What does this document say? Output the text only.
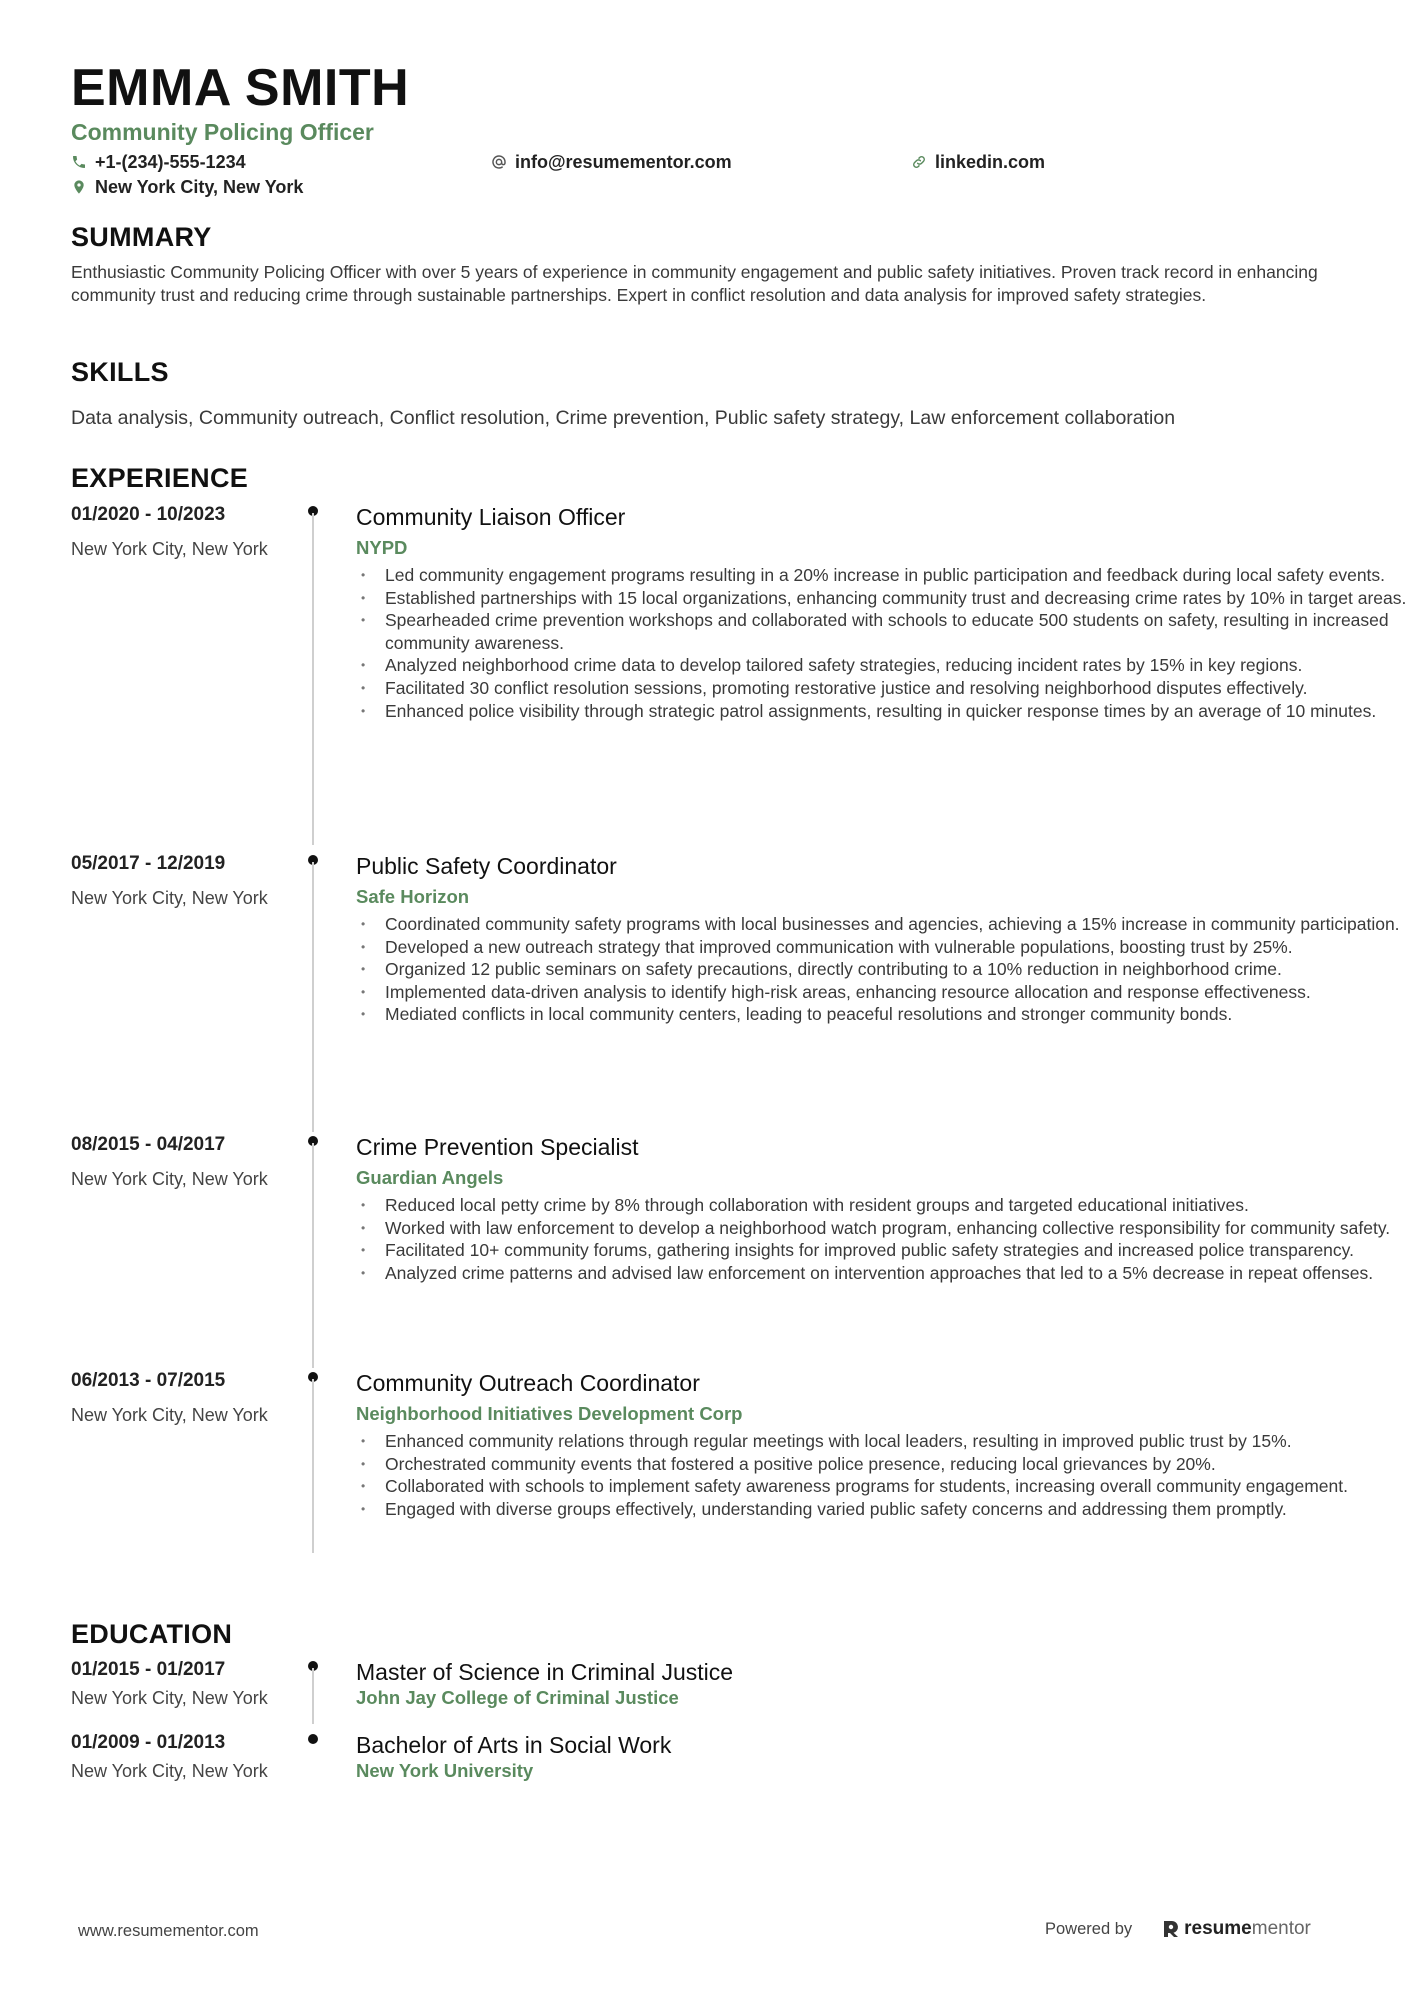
EMMA SMITH
Community Policing Officer
+1-(234)-555-1234	info@resumementor.com	linkedin.com
New York City, New York
SUMMARY
Enthusiastic Community Policing Officer with over 5 years of experience in community engagement and public safety initiatives. Proven track record in enhancing community trust and reducing crime through sustainable partnerships. Expert in conflict resolution and data analysis for improved safety strategies.
SKILLS
Data analysis, Community outreach, Conflict resolution, Crime prevention, Public safety strategy, Law enforcement collaboration
EXPERIENCE
01/2020 - 10/2023
New York City, New York
Community Liaison Officer
NYPD
• Led community engagement programs resulting in a 20% increase in public participation and feedback during local safety events.
• Established partnerships with 15 local organizations, enhancing community trust and decreasing crime rates by 10% in target areas.
• Spearheaded crime prevention workshops and collaborated with schools to educate 500 students on safety, resulting in increased community awareness.
• Analyzed neighborhood crime data to develop tailored safety strategies, reducing incident rates by 15% in key regions.
• Facilitated 30 conflict resolution sessions, promoting restorative justice and resolving neighborhood disputes effectively.
• Enhanced police visibility through strategic patrol assignments, resulting in quicker response times by an average of 10 minutes.
05/2017 - 12/2019
New York City, New York
Public Safety Coordinator
Safe Horizon
• Coordinated community safety programs with local businesses and agencies, achieving a 15% increase in community participation.
• Developed a new outreach strategy that improved communication with vulnerable populations, boosting trust by 25%.
• Organized 12 public seminars on safety precautions, directly contributing to a 10% reduction in neighborhood crime.
• Implemented data-driven analysis to identify high-risk areas, enhancing resource allocation and response effectiveness.
• Mediated conflicts in local community centers, leading to peaceful resolutions and stronger community bonds.
08/2015 - 04/2017
New York City, New York
Crime Prevention Specialist
Guardian Angels
• Reduced local petty crime by 8% through collaboration with resident groups and targeted educational initiatives.
• Worked with law enforcement to develop a neighborhood watch program, enhancing collective responsibility for community safety.
• Facilitated 10+ community forums, gathering insights for improved public safety strategies and increased police transparency.
• Analyzed crime patterns and advised law enforcement on intervention approaches that led to a 5% decrease in repeat offenses.
06/2013 - 07/2015
New York City, New York
Community Outreach Coordinator
Neighborhood Initiatives Development Corp
• Enhanced community relations through regular meetings with local leaders, resulting in improved public trust by 15%.
• Orchestrated community events that fostered a positive police presence, reducing local grievances by 20%.
• Collaborated with schools to implement safety awareness programs for students, increasing overall community engagement.
• Engaged with diverse groups effectively, understanding varied public safety concerns and addressing them promptly.
EDUCATION
01/2015 - 01/2017
New York City, New York
Master of Science in Criminal Justice
John Jay College of Criminal Justice
01/2009 - 01/2013
New York City, New York
Bachelor of Arts in Social Work
New York University
www.resumementor.com	Powered by	resumementor
